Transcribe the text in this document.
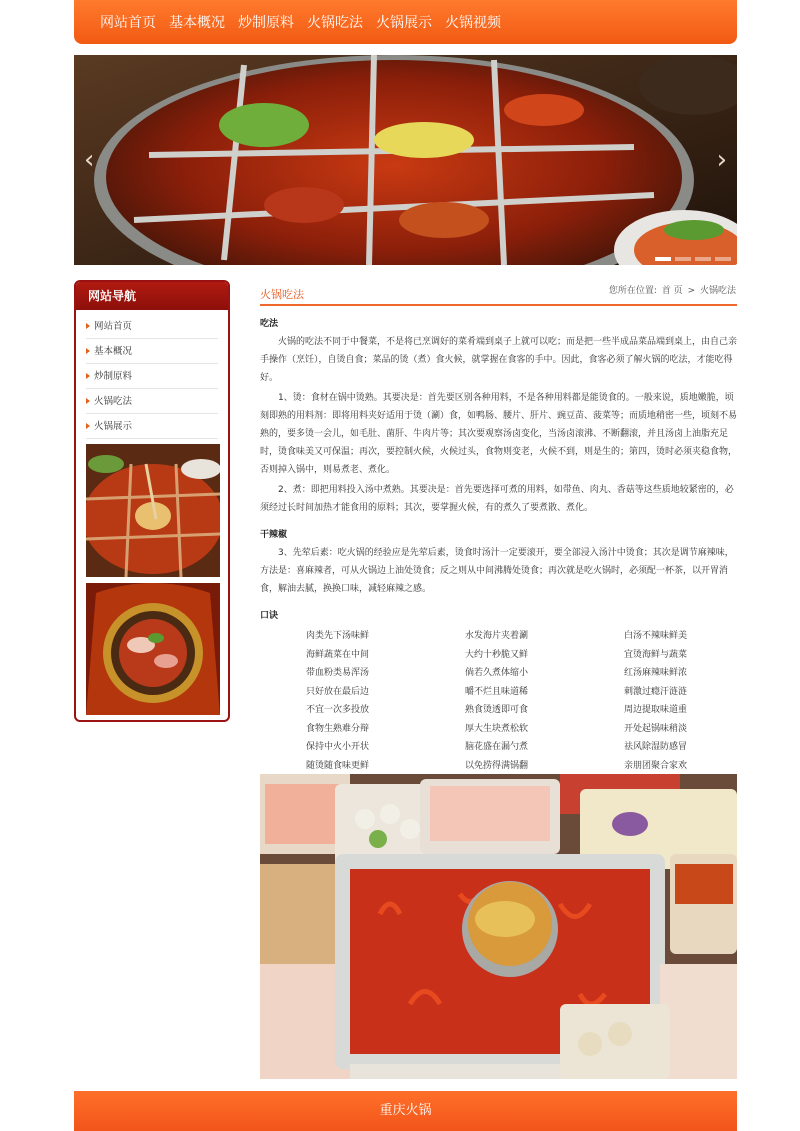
网站首页 基本概况 炒制原料 火锅吃法 火锅展示 火锅视频
‹	›
网站导航
网站首页
基本概况
炒制原料
火锅吃法
火锅展示
火锅吃法	您所在位置: 首 页 > 火锅吃法
吃法

火锅的吃法不同于中餐菜，不是将已烹调好的菜肴端到桌子上就可以吃；而是把一些半成品菜品端到桌上，由自己亲手操作（烹饪），自烫自食；菜品的烫（煮）食火候，就掌握在食客的手中。因此，食客必须了解火锅的吃法，才能吃得好。

1、烫：食材在锅中烫熟。其要决是：首先要区别各种用料，不是各种用料都是能烫食的。一般来说，质地嫩脆，顷刻即熟的用料剂：即将用料夹好适用于烫（涮）食，如鸭肠、腰片、肝片、豌豆苗、菠菜等；而质地稍密一些，顷刻不易熟的，要多烫一会儿，如毛肚、菌肝、牛肉片等；其次要观察汤卤变化，当汤卤滚沸、不断翻滚，并且汤卤上油脂充足时，烫食味美又可保温；再次，要控制火候，火候过头，食物则变老，火候不到，则是生的；第四，烫时必须夹稳食物，否则掉入锅中，则易煮老、煮化。

2、煮：即把用料投入汤中煮熟。其要决是：首先要选择可煮的用料，如带鱼、肉丸、香菇等这些质地较紧密的，必须经过长时间加热才能食用的原料；其次，要掌握火候，有的煮久了要煮散、煮化。

干辣椒

3、先荤后素：吃火锅的经验应是先荤后素，烫食时汤汁一定要滚开，要全部浸入汤汁中烫食；其次是调节麻辣味，方法是：喜麻辣者，可从火锅边上油处烫食；反之则从中间沸腾处烫食；再次就是吃火锅时，必须配一杯茶，以开胃消食，解油去腻，换换口味，减轻麻辣之感。

口诀
肉类先下汤味鲜	水发海片夹着涮	白汤不辣味鲜美
海鲜蔬菜在中间	大约十秒脆又鲜	宜烫海鲜与蔬菜
带血粉类易浑汤	倘若久煮体缩小	红汤麻辣味鲜浓
只好放在最后边	嚼不烂且味道稀	刺激过瘾汗涟涟
不宜一次多投放	熟食烫透即可食	周边提取味道重
食物生熟难分辩	厚大生块煮松软	开处起锅味稍淡
保持中火小开状	脑花盛在漏勺煮	祛风除湿防感冒
随烫随食味更鲜	以免捞得满锅翻	亲朋团聚合家欢
重庆火锅
